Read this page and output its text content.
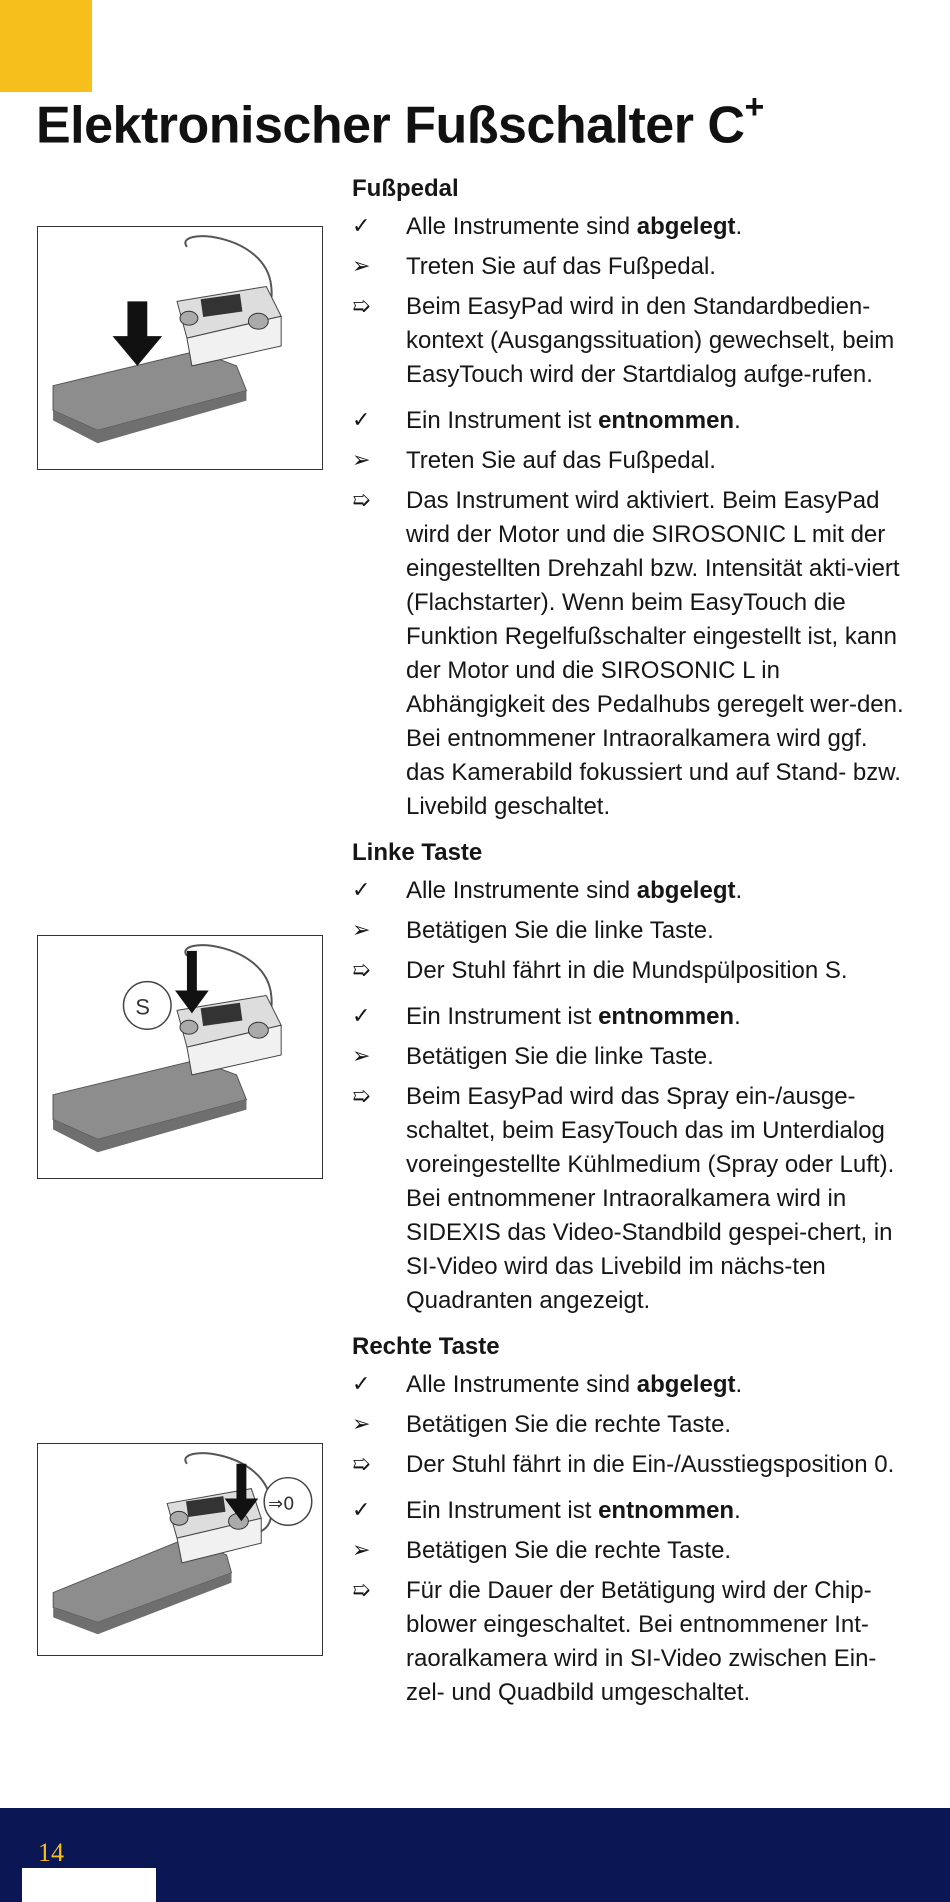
Elektronischer Fußschalter C+
S
⇒0
Fußpedal
✓	Alle Instrumente sind abgelegt.
➢	Treten Sie auf das Fußpedal.
➯	Beim EasyPad wird in den Standardbedien-kontext (Ausgangssituation) gewechselt, beim EasyTouch wird der Startdialog aufge-rufen.
✓	Ein Instrument ist entnommen.
➢	Treten Sie auf das Fußpedal.
➯	Das Instrument wird aktiviert. Beim EasyPad wird der Motor und die SIROSONIC L mit der eingestellten Drehzahl bzw. Intensität akti-viert (Flachstarter). Wenn beim EasyTouch die Funktion Regelfußschalter eingestellt ist, kann der Motor und die SIROSONIC L in Abhängigkeit des Pedalhubs geregelt wer-den. Bei entnommener Intraoralkamera wird ggf. das Kamerabild fokussiert und auf Stand- bzw. Livebild geschaltet.
Linke Taste
✓	Alle Instrumente sind abgelegt.
➢	Betätigen Sie die linke Taste.
➯	Der Stuhl fährt in die Mundspülposition S.
✓	Ein Instrument ist entnommen.
➢	Betätigen Sie die linke Taste.
➯	Beim EasyPad wird das Spray ein-/ausge-schaltet, beim EasyTouch das im Unterdialog voreingestellte Kühlmedium (Spray oder Luft). Bei entnommener Intraoralkamera wird in SIDEXIS das Video-Standbild gespei-chert, in SI-Video wird das Livebild im nächs-ten Quadranten angezeigt.
Rechte Taste
✓	Alle Instrumente sind abgelegt.
➢	Betätigen Sie die rechte Taste.
➯	Der Stuhl fährt in die Ein-/Ausstiegsposition 0.
✓	Ein Instrument ist entnommen.
➢	Betätigen Sie die rechte Taste.
➯	Für die Dauer der Betätigung wird der Chip-blower eingeschaltet. Bei entnommener Int-raoralkamera wird in SI-Video zwischen Ein-zel- und Quadbild umgeschaltet.
14
